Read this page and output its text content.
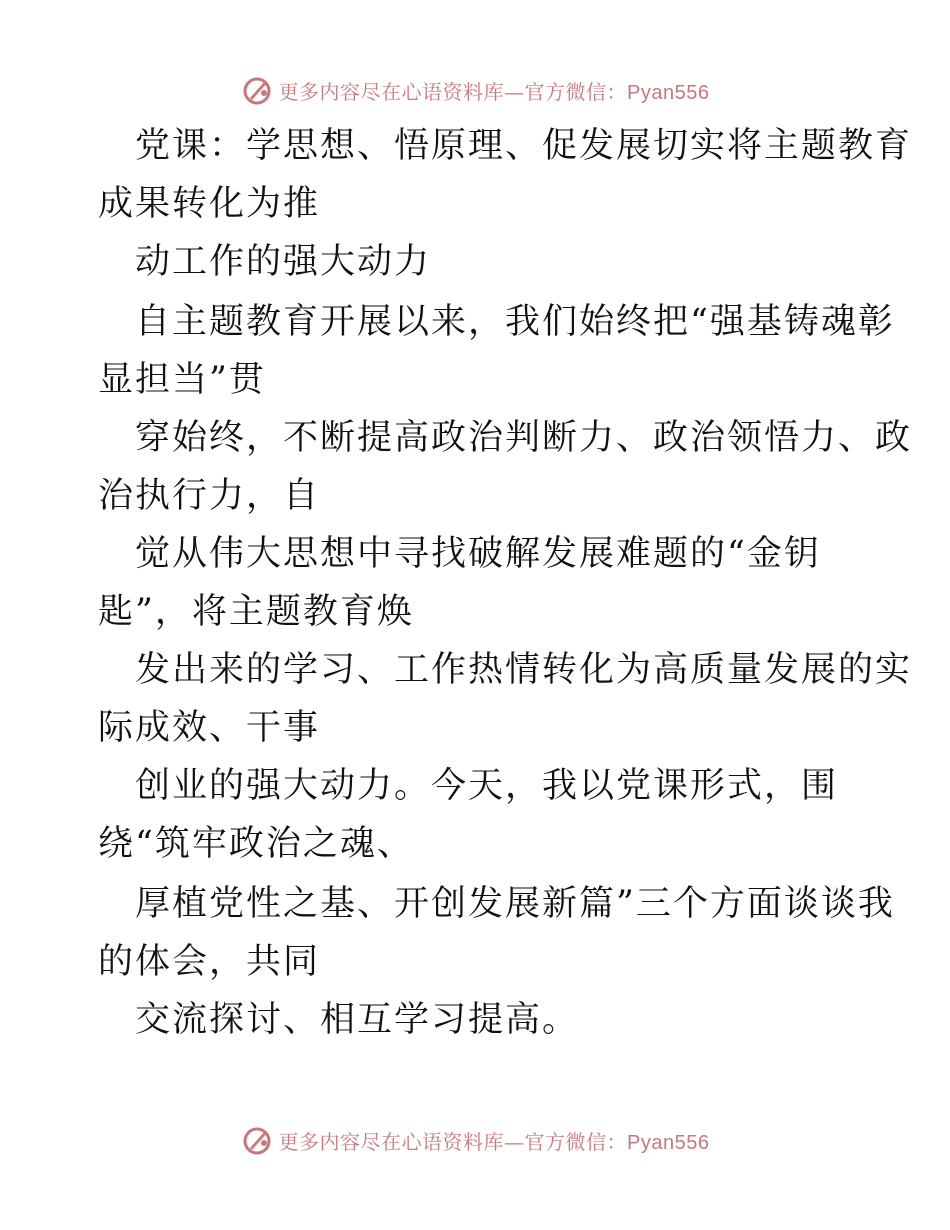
更多内容尽在心语资料库—官方微信：Pyan556
党课：学思想、悟原理、促发展切实将主题教育
成果转化为推
动工作的强大动力
自主题教育开展以来，我们始终把“强基铸魂彰
显担当”贯
穿始终，不断提高政治判断力、政治领悟力、政
治执行力，自
觉从伟大思想中寻找破解发展难题的“金钥
匙”，将主题教育焕
发出来的学习、工作热情转化为高质量发展的实
际成效、干事
创业的强大动力。今天，我以党课形式，围
绕“筑牢政治之魂、
厚植党性之基、开创发展新篇”三个方面谈谈我
的体会，共同
交流探讨、相互学习提高。
更多内容尽在心语资料库—官方微信：Pyan556
